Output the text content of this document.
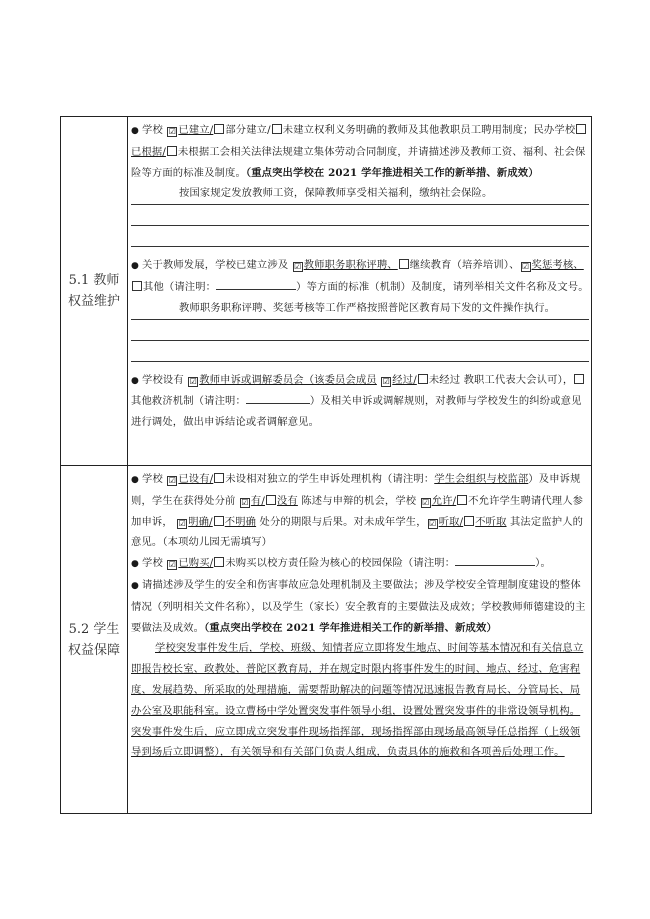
5.1 教师
权益维护

● 学校 ☑ 已建立/ 部分建立/ 未建立权利义务明确的教师及其他教职员工聘用制度；民办学校已根据/ 未根据工会相关法律法规建立集体劳动合同制度，并请描述涉及教师工资、福利、社会保险等方面的标准及制度。（重点突出学校在 2021 学年推进相关工作的新举措、新成效）

按国家规定发放教师工资，保障教师享受相关福利，缴纳社会保险。

● 关于教师发展，学校已建立涉及 ☑ 教师职务职称评聘、 继续教育（培养培训）、 ☑ 奖惩考核、其他（请注明：	）等方面的标准（机制）及制度，请列举相关文件名称及文号。

教师职务职称评聘、奖惩考核等工作严格按照普陀区教育局下发的文件操作执行。

● 学校设有 ☑ 教师申诉或调解委员会（该委员会成员 ☑ 经过/ 未经过 教职工代表大会认可），其他救济机制（请注明：	）及相关申诉或调解规则，对教师与学校发生的纠纷或意见进行调处，做出申诉结论或者调解意见。

5.2 学生
权益保障

● 学校 ☑ 已设有/ 未设相对独立的学生申诉处理机构（请注明：学生会组织与校监部）及申诉规则，学生在获得处分前 ☑ 有/ 没有 陈述与申辩的机会，学校 ☑ 允许/ 不允许学生聘请代理人参加申诉， ☑ 明确/ 不明确 处分的期限与后果。对未成年学生， ☑ 听取/ 不听取 其法定监护人的意见。（本项幼儿园无需填写）

● 学校 ☑ 已购买/ 未购买以校方责任险为核心的校园保险（请注明：	）。

● 请描述涉及学生的安全和伤害事故应急处理机制及主要做法；涉及学校安全管理制度建设的整体情况（列明相关文件名称），以及学生（家长）安全教育的主要做法及成效；学校教师师德建设的主要做法及成效。（重点突出学校在 2021 学年推进相关工作的新举措、新成效）

学校突发事件发生后，学校、班级、知情者应立即将发生地点、时间等基本情况和有关信息立即报告校长室、政教处、普陀区教育局，并在规定时限内将事件发生的时间、地点、经过、危害程度、发展趋势、所采取的处理措施，需要帮助解决的问题等情况迅速报告教育局长、分管局长、局办公室及职能科室。设立曹杨中学处置突发事件领导小组，设置处置突发事件的非常设领导机构。突发事件发生后，应立即成立突发事件现场指挥部，现场指挥部由现场最高领导任总指挥（上级领导到场后立即调整），有关领导和有关部门负责人组成，负责具体的施救和各项善后处理工作。
